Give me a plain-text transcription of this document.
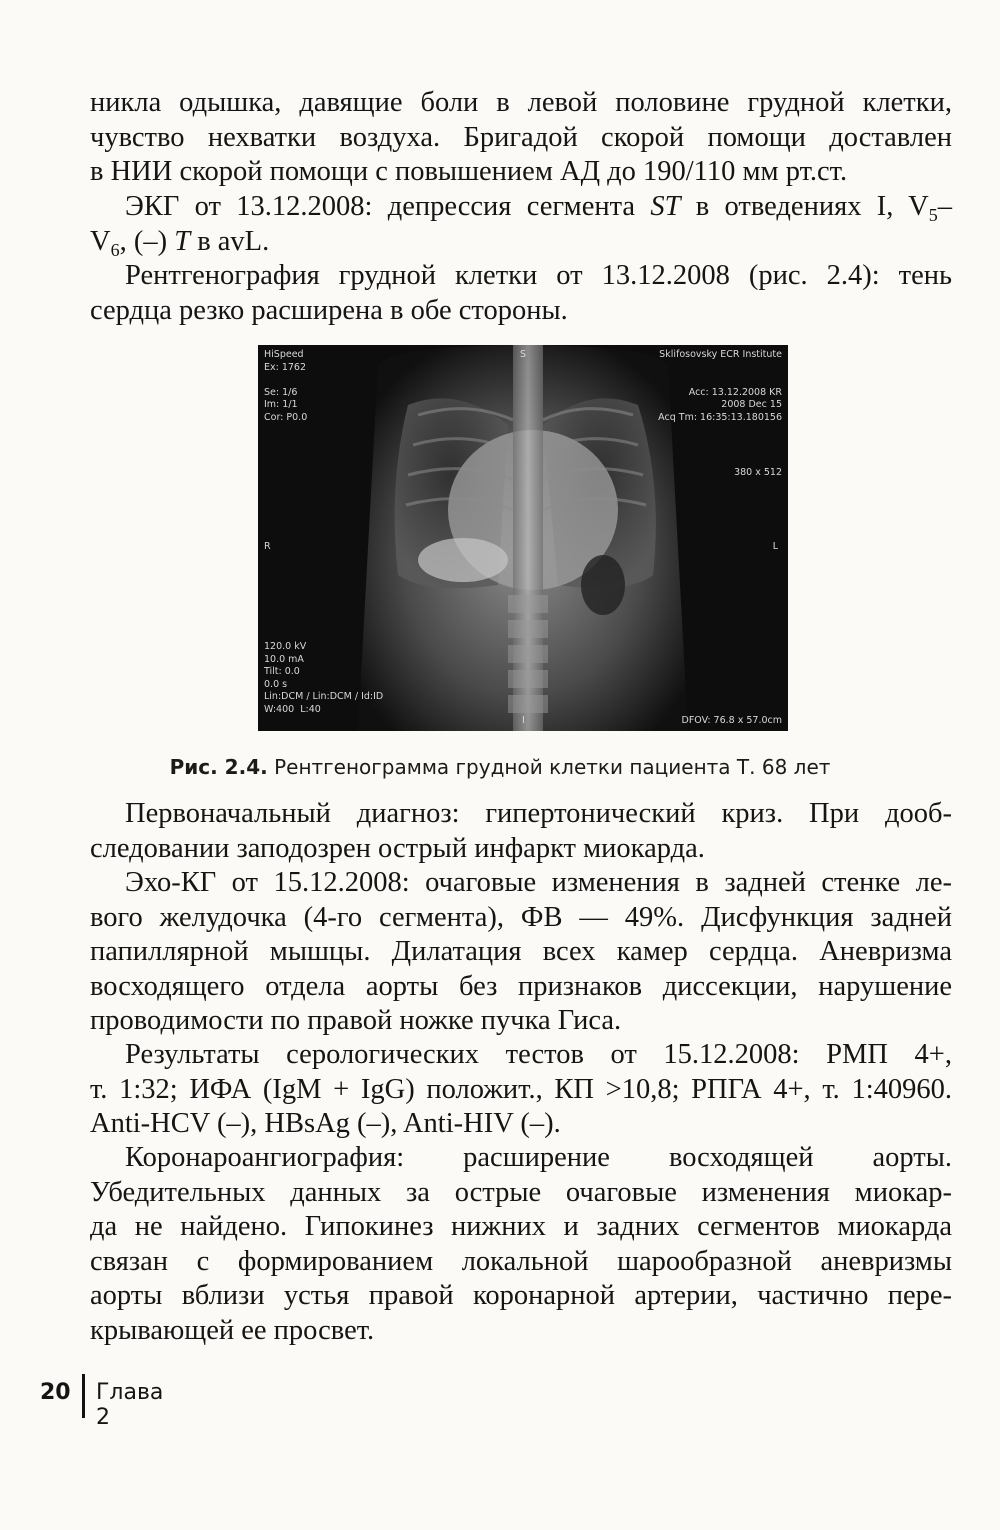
никла одышка, давящие боли в левой половине грудной клетки,
чувство нехватки воздуха. Бригадой скорой помощи доставлен
в НИИ скорой помощи с повышением АД до 190/110 мм рт.ст.
ЭКГ от 13.12.2008: депрессия сегмента ST в отведениях I, $V_5-$
$V_6$, (–) T в avL.
Рентгенография грудной клетки от 13.12.2008 (рис. 2.4): тень
сердца резко расширена в обе стороны.
HiSpeed
Ex: 1762

Se: 1/6
Im: 1/1
Cor: P0.0
S	Sklifosovsky ECR Institute

Acc: 13.12.2008 KR
2008 Dec 15
Acq Tm: 16:35:13.180156
380 x 512
R	L
120.0 kV
10.0 mA
Tilt: 0.0
0.0 s
Lin:DCM / Lin:DCM / Id:ID
W:400  L:40
I	DFOV: 76.8 x 57.0cm
Рис. 2.4. Рентгенограмма грудной клетки пациента Т. 68 лет
Первоначальный диагноз: гипертонический криз. При дооб-
следовании заподозрен острый инфаркт миокарда.
Эхо-КГ от 15.12.2008: очаговые изменения в задней стенке ле-
вого желудочка (4-го сегмента), ФВ — 49%. Дисфункция задней
папиллярной мышцы. Дилатация всех камер сердца. Аневризма
восходящего отдела аорты без признаков диссекции, нарушение
проводимости по правой ножке пучка Гиса.
Результаты серологических тестов от 15.12.2008: РМП 4+,
т. 1:32; ИФА (IgM + IgG) положит., КП >10,8; РПГА 4+, т. 1:40960.
Anti-HCV (–), HBsAg (–), Anti-HIV (–).
Коронароангиография: расширение восходящей аорты.
Убедительных данных за острые очаговые изменения миокар-
да не найдено. Гипокинез нижних и задних сегментов миокарда
связан с формированием локальной шарообразной аневризмы
аорты вблизи устья правой коронарной артерии, частично пере-
крывающей ее просвет.
20 Глава 2
